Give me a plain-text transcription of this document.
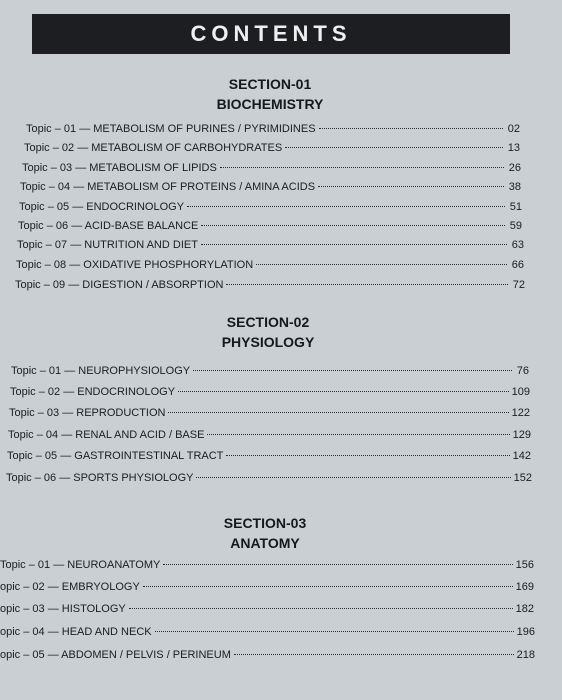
CONTENTS
SECTION-01
BIOCHEMISTRY
SECTION-02
PHYSIOLOGY
SECTION-03
ANATOMY
Topic – 01 — METABOLISM OF PURINES / PYRIMIDINES	02
Topic – 02 — METABOLISM OF CARBOHYDRATES	13
Topic – 03 — METABOLISM OF LIPIDS	26
Topic – 04 — METABOLISM OF PROTEINS / AMINA ACIDS	38
Topic – 05 — ENDOCRINOLOGY	51
Topic – 06 — ACID-BASE BALANCE	59
Topic – 07 — NUTRITION AND DIET	63
Topic – 08 — OXIDATIVE PHOSPHORYLATION	66
Topic – 09 — DIGESTION / ABSORPTION	72
Topic – 01 — NEUROPHYSIOLOGY	76
Topic – 02 — ENDOCRINOLOGY	109
Topic – 03 — REPRODUCTION	122
Topic – 04 — RENAL AND ACID / BASE	129
Topic – 05 — GASTROINTESTINAL TRACT	142
Topic – 06 — SPORTS PHYSIOLOGY	152
Topic – 01 — NEUROANATOMY	156
opic – 02 — EMBRYOLOGY	169
opic – 03 — HISTOLOGY	182
opic – 04 — HEAD AND NECK	196
opic – 05 — ABDOMEN / PELVIS / PERINEUM	218
